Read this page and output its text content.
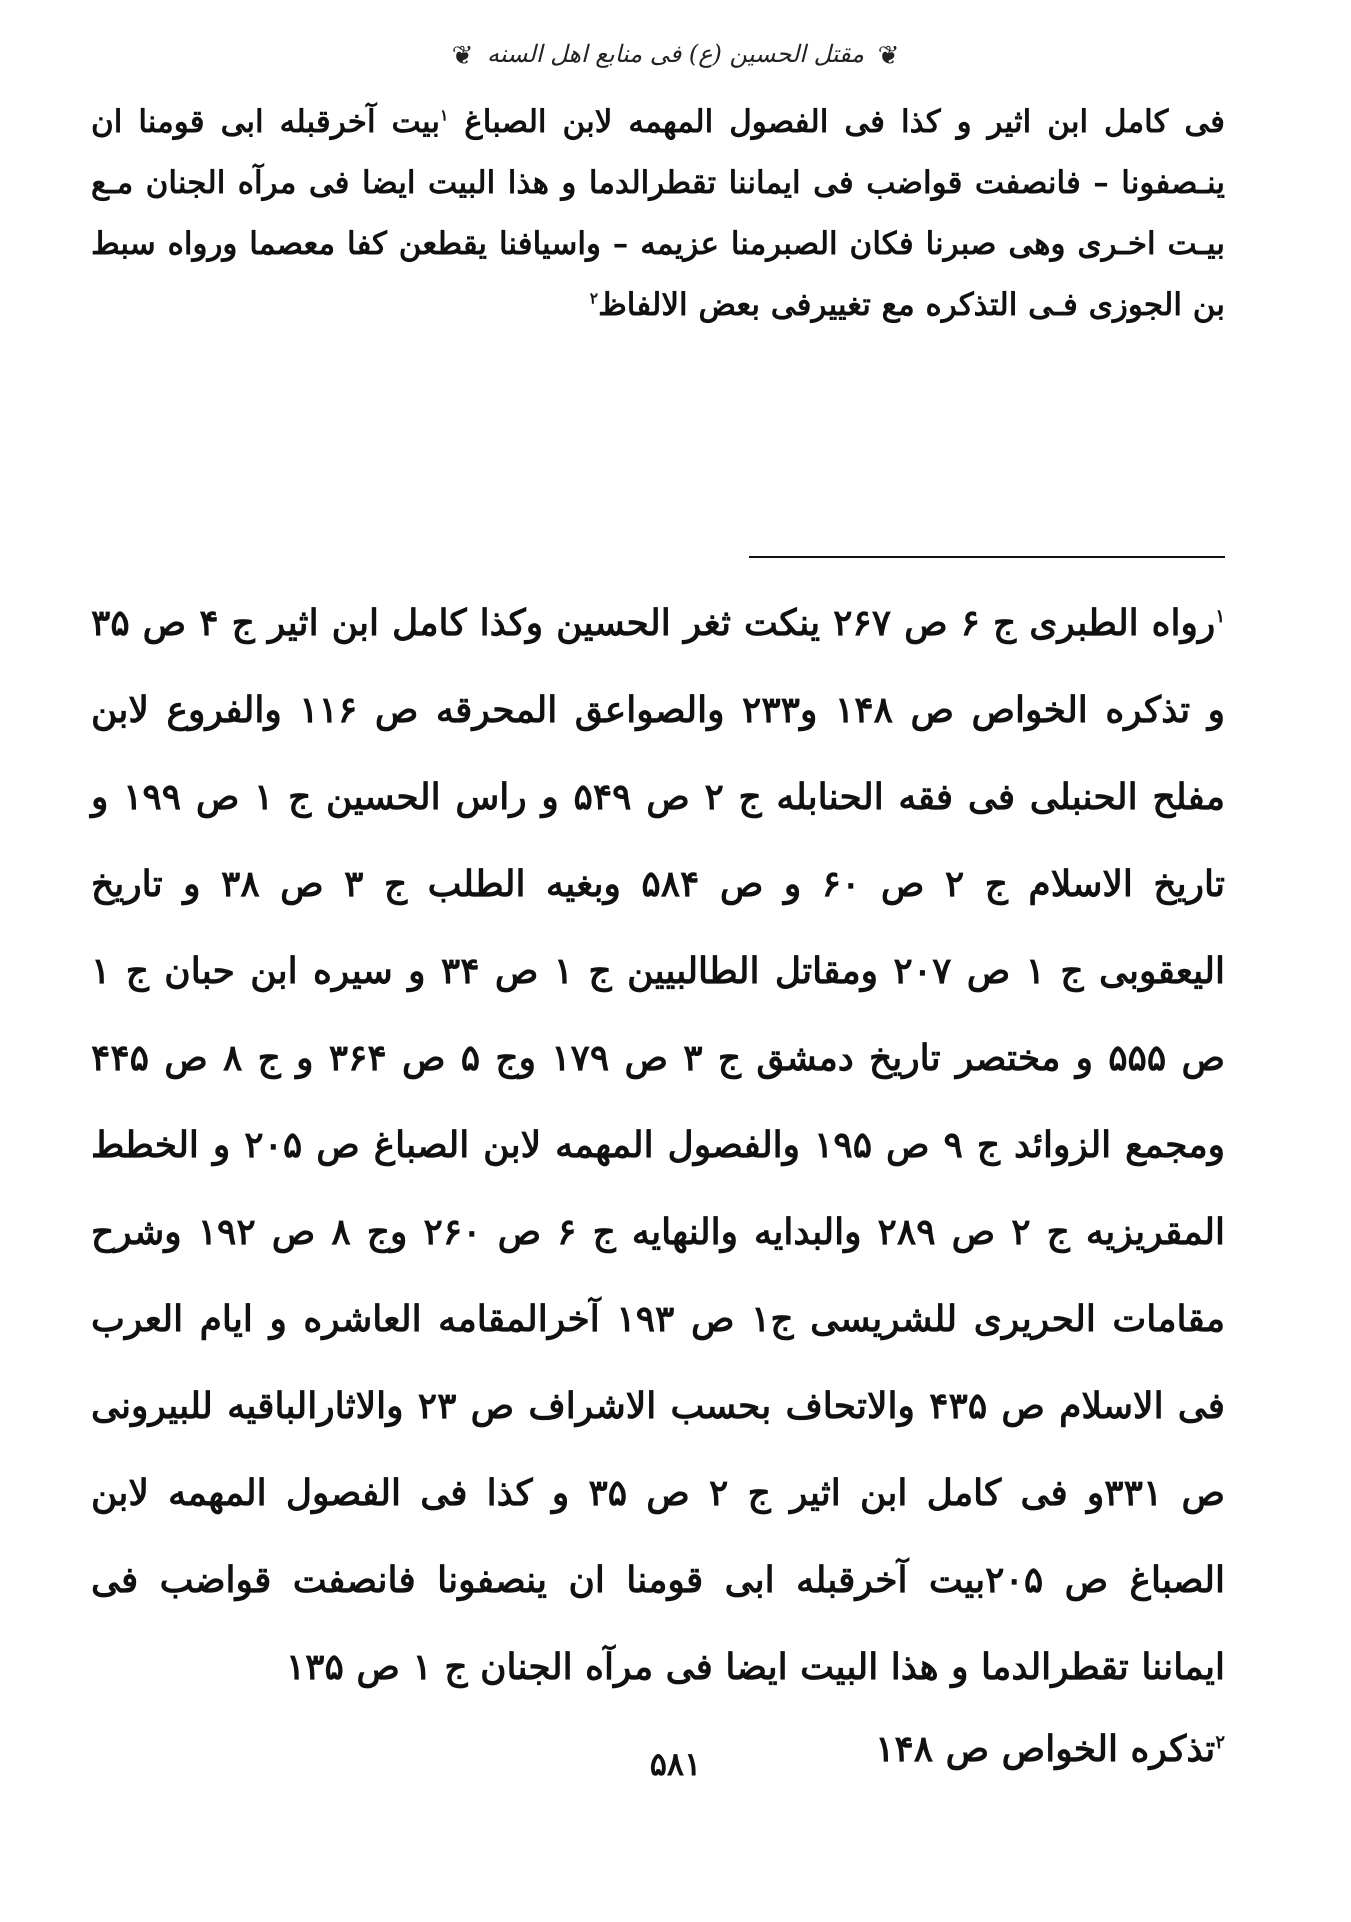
❦ مقتل الحسين (ع) فی منابع اهل السنه ❦

فی کامل ابن اثیر و کذا فی الفصول المهمه لابن الصباغ $^١$بیت آخرقبله ابی قومنا ان ینـصفونا – فانصفت قواضب فی ایماننا تقطرالدما و هذا البیت ایضا فی مرآه الجنان مـع بیـت اخـری وهی صبرنا فکان الصبرمنا عزیمه – واسیافنا یقطعن کفا معصما ورواه سبط بن الجوزی فـی التذکره مع تغییرفی بعض الالفاظ$^٢$

$^١$رواه الطبری ج ۶ ص ٢۶٧ ینکت ثغر الحسین وکذا کامل ابن اثیر ج ۴ ص ٣۵ و تذکره الخواص ص ١۴٨ و٢٣٣ والصواعق المحرقه ص ١١۶ والفروع لابن مفلح الحنبلی فی فقه الحنابله ج ٢ ص ۵۴٩ و راس الحسین ج ١ ص ١٩٩ و تاریخ الاسلام ج ٢ ص ۶٠ و ص ۵٨۴ وبغیه الطلب ج ٣ ص ٣٨ و تاریخ الیعقوبی ج ١ ص ٢٠٧ ومقاتل الطالبیین ج ١ ص ٣۴ و سیره ابن حبان ج ١ ص ۵۵۵ و مختصر تاریخ دمشق ج ٣ ص ١٧٩ وج ۵ ص ٣۶۴ و ج ٨ ص ۴۴۵ ومجمع الزوائد ج ٩ ص ١٩۵ والفصول المهمه لابن الصباغ ص ٢٠۵ و الخطط المقریزیه ج ٢ ص ٢٨٩ والبدایه والنهایه ج ۶ ص ٢۶٠ وج ٨ ص ١٩٢ وشرح مقامات الحریری للشریسی ج١ ص ١٩٣ آخرالمقامه العاشره و ایام العرب فی الاسلام ص ۴٣۵ والاتحاف بحسب الاشراف ص ٢٣ والاثارالباقیه للبیرونی ص ٣٣١و فی کامل ابن اثیر ج ٢ ص ٣۵ و کذا فی الفصول المهمه لابن الصباغ ص ٢٠۵بیت آخرقبله ابی قومنا ان ینصفونا فانصفت قواضب فی ایماننا تقطرالدما و هذا البیت ایضا فی مرآه الجنان ج ١ ص ١٣۵

$^٢$تذکره الخواص ص ١۴٨

۵٨١
